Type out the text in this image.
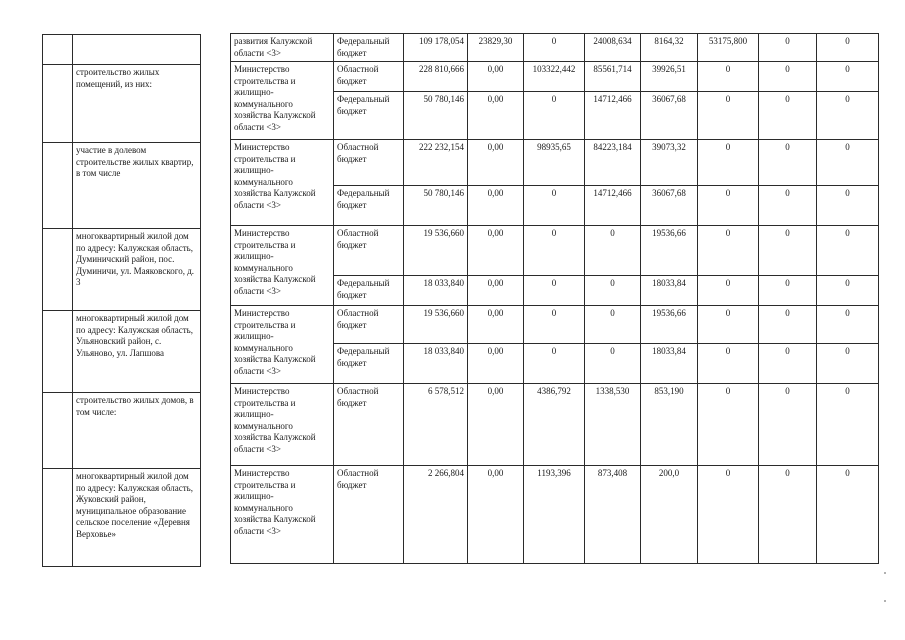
	строительство жилых помещений, из них:
	участие в долевом строительстве жилых квартир, в том числе
	многоквартирный жилой дом по адресу: Калужская область, Думиничский район, пос. Думиничи, ул. Маяковского, д. 3
	многоквартирный жилой дом по адресу: Калужская область, Ульяновский район, с. Ульяново, ул. Лапшова
	строительство жилых домов, в том числе:
	многоквартирный жилой дом по адресу: Калужская область, Жуковский район, муниципальное образование сельское поселение «Деревня Верховье»
развития Калужской области <3>	Федеральный бюджет	109 178,054	23829,30	0	24008,634	8164,32	53175,800	0	0
Министерство строительства и жилищно-коммунального хозяйства Калужской области <3>	Областной бюджет	228 810,666	0,00	103322,442	85561,714	39926,51	0	0	0
	Федеральный бюджет	50 780,146	0,00	0	14712,466	36067,68	0	0	0
Министерство строительства и жилищно-коммунального хозяйства Калужской области <3>	Областной бюджет	222 232,154	0,00	98935,65	84223,184	39073,32	0	0	0
	Федеральный бюджет	50 780,146	0,00	0	14712,466	36067,68	0	0	0
Министерство строительства и жилищно-коммунального хозяйства Калужской области <3>	Областной бюджет	19 536,660	0,00	0	0	19536,66	0	0	0
	Федеральный бюджет	18 033,840	0,00	0	0	18033,84	0	0	0
Министерство строительства и жилищно-коммунального хозяйства Калужской области <3>	Областной бюджет	19 536,660	0,00	0	0	19536,66	0	0	0
	Федеральный бюджет	18 033,840	0,00	0	0	18033,84	0	0	0
Министерство строительства и жилищно-коммунального хозяйства Калужской области <3>	Областной бюджет	6 578,512	0,00	4386,792	1338,530	853,190	0	0	0
Министерство строительства и жилищно-коммунального хозяйства Калужской области <3>	Областной бюджет	2 266,804	0,00	1193,396	873,408	200,0	0	0	0
